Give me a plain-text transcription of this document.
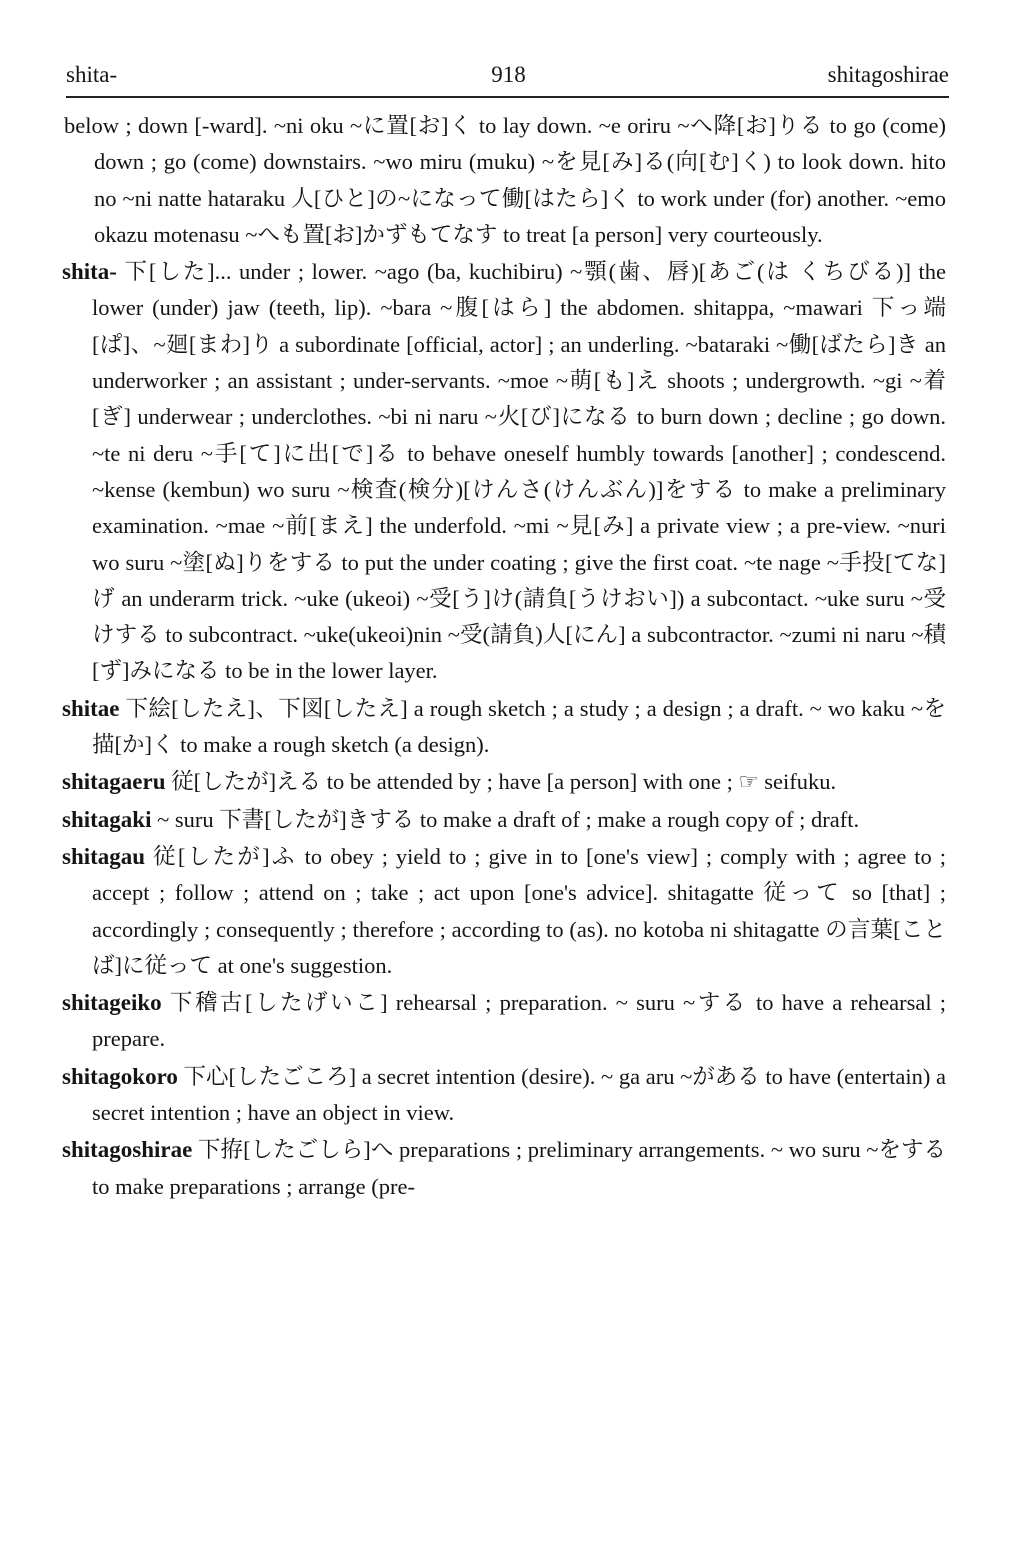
shita-	918	shitagoshirae

below ; down [-ward]. ~ni oku ~に置[お]く to lay down. ~e oriru ~へ降[お]りる to go (come) down ; go (come) downstairs. ~wo miru (muku) ~を見[み]る(向[む]く) to look down. hito no ~ni natte hataraku 人[ひと]の~になって働[はたら]く to work under (for) another. ~emo okazu motenasu ~へも置[お]かずもてなす to treat [a person] very courteously.

shita- 下[した]... under ; lower. ~ago (ba, kuchibiru) ~顎(歯、唇)[あご(は くちびる)] the lower (under) jaw (teeth, lip). ~bara ~腹[はら] the abdomen. shitappa, ~mawari 下っ端[ぱ]、~廻[まわ]り a subordinate [official, actor] ; an underling. ~bataraki ~働[ばたら]き an underworker ; an assistant ; under-servants. ~moe ~萌[も]え shoots ; undergrowth. ~gi ~着[ぎ] underwear ; underclothes. ~bi ni naru ~火[び]になる to burn down ; decline ; go down. ~te ni deru ~手[て]に出[で]る to behave oneself humbly towards [another] ; condescend. ~kense (kembun) wo suru ~検査(検分)[けんさ(けんぶん)]をする to make a preliminary examination. ~mae ~前[まえ] the underfold. ~mi ~見[み] a private view ; a pre-view. ~nuri wo suru ~塗[ぬ]りをする to put the under coating ; give the first coat. ~te nage ~手投[てな]げ an underarm trick. ~uke (ukeoi) ~受[う]け(請負[うけおい]) a subcontact. ~uke suru ~受けする to subcontract. ~uke(ukeoi)nin ~受(請負)人[にん] a subcontractor. ~zumi ni naru ~積[ず]みになる to be in the lower layer.

shitae 下絵[したえ]、下図[したえ] a rough sketch ; a study ; a design ; a draft. ~ wo kaku ~を描[か]く to make a rough sketch (a design).

shitagaeru 従[したが]える to be attended by ; have [a person] with one ; ☞ seifuku.

shitagaki ~ suru 下書[したが]きする to make a draft of ; make a rough copy of ; draft.

shitagau 従[したが]ふ to obey ; yield to ; give in to [one's view] ; comply with ; agree to ; accept ; follow ; attend on ; take ; act upon [one's advice]. shitagatte 従って so [that] ; accordingly ; consequently ; therefore ; according to (as). no kotoba ni shitagatte の言葉[ことば]に従って at one's suggestion.

shitageiko 下稽古[したげいこ] rehearsal ; preparation. ~ suru ~する to have a rehearsal ; prepare.

shitagokoro 下心[したごころ] a secret intention (desire). ~ ga aru ~がある to have (entertain) a secret intention ; have an object in view.

shitagoshirae 下拵[したごしら]へ preparations ; preliminary arrangements. ~ wo suru ~をする to make preparations ; arrange (pre-
